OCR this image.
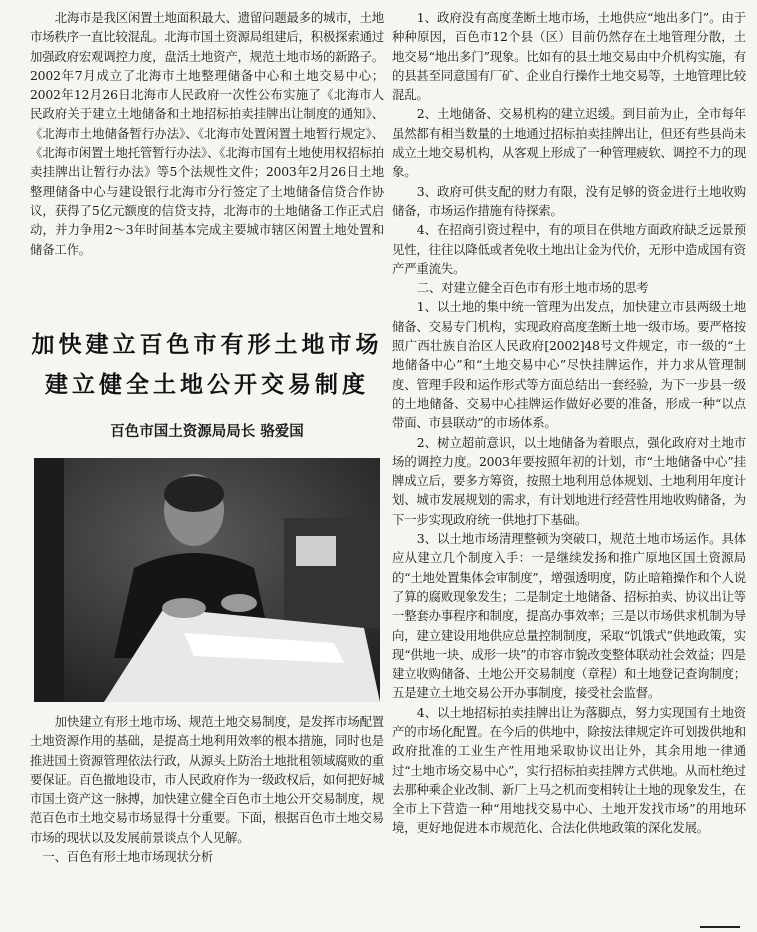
北海市是我区闲置土地面积最大、遗留问题最多的城市，土地市场秩序一直比较混乱。北海市国土资源局组建后，积极探索通过加强政府宏观调控力度，盘活土地资产，规范土地市场的新路子。2002年7月成立了北海市土地整理储备中心和土地交易中心；2002年12月26日北海市人民政府一次性公布实施了《北海市人民政府关于建立土地储备和土地招标拍卖挂牌出让制度的通知》、《北海市土地储备暂行办法》、《北海市处置闲置土地暂行规定》、《北海市闲置土地托管暂行办法》、《北海市国有土地使用权招标拍卖挂牌出让暂行办法》等5个法规性文件；2003年2月26日土地整理储备中心与建设银行北海市分行签定了土地储备信贷合作协议，获得了5亿元额度的信贷支持，北海市的土地储备工作正式启动，并力争用2～3年时间基本完成主要城市辖区闲置土地处置和储备工作。

加快建立百色市有形土地市场
建立健全土地公开交易制度
百色市国土资源局局长 骆爱国

加快建立有形土地市场、规范土地交易制度，是发挥市场配置土地资源作用的基础，是提高土地利用效率的根本措施，同时也是推进国土资源管理依法行政，从源头上防治土地批租领域腐败的重要保证。百色撤地设市，市人民政府作为一级政权后，如何把好城市国土资产这一脉搏，加快建立健全百色市土地公开交易制度，规范百色市土地交易市场显得十分重要。下面，根据百色市土地交易市场的现状以及发展前景谈点个人见解。

一、百色有形土地市场现状分析

1、政府没有高度垄断土地市场，土地供应“地出多门”。由于种种原因，百色市12个县（区）目前仍然存在土地管理分散，土地交易“地出多门”现象。比如有的县土地交易由中介机构实施，有的县甚至同意国有厂矿、企业自行操作土地交易等，土地管理比较混乱。

2、土地储备、交易机构的建立迟缓。到目前为止，全市每年虽然都有相当数量的土地通过招标拍卖挂牌出让，但还有些县尚未成立土地交易机构，从客观上形成了一种管理疲软、调控不力的现象。

3、政府可供支配的财力有限，没有足够的资金进行土地收购储备，市场运作措施有待探索。

4、在招商引资过程中，有的项目在供地方面政府缺乏远景预见性，往往以降低或者免收土地出让金为代价，无形中造成国有资产严重流失。

二、对建立健全百色市有形土地市场的思考

1、以土地的集中统一管理为出发点，加快建立市县两级土地储备、交易专门机构，实现政府高度垄断土地一级市场。要严格按照广西壮族自治区人民政府[2002]48号文件规定，市一级的“土地储备中心”和“土地交易中心”尽快挂牌运作，并力求从管理制度、管理手段和运作形式等方面总结出一套经验，为下一步县一级的土地储备、交易中心挂牌运作做好必要的准备，形成一种“以点带面、市县联动”的市场体系。

2、树立超前意识，以土地储备为着眼点，强化政府对土地市场的调控力度。2003年要按照年初的计划，市“土地储备中心”挂牌成立后，要多方筹资，按照土地利用总体规划、土地利用年度计划、城市发展规划的需求，有计划地进行经营性用地收购储备，为下一步实现政府统一供地打下基础。

3、以土地市场清理整顿为突破口，规范土地市场运作。具体应从建立几个制度入手：一是继续发扬和推广原地区国土资源局的“土地处置集体会审制度”，增强透明度，防止暗箱操作和个人说了算的腐败现象发生；二是制定土地储备、招标拍卖、协议出让等一整套办事程序和制度，提高办事效率；三是以市场供求机制为导向，建立建设用地供应总量控制制度，采取“饥饿式”供地政策，实现“供地一块、成形一块”的市容市貌改变整体联动社会效益；四是建立收购储备、土地公开交易制度（章程）和土地登记查询制度；五是建立土地交易公开办事制度，接受社会监督。

4、以土地招标拍卖挂牌出让为落脚点，努力实现国有土地资产的市场化配置。在今后的供地中，除按法律规定许可划拨供地和政府批准的工业生产性用地采取协议出让外，其余用地一律通过“土地市场交易中心”，实行招标拍卖挂牌方式供地。从而杜绝过去那种乘企业改制、新厂上马之机而变相转让土地的现象发生，在全市上下营造一种“用地找交易中心、土地开发找市场”的用地环境，更好地促进本市规范化、合法化供地政策的深化发展。
